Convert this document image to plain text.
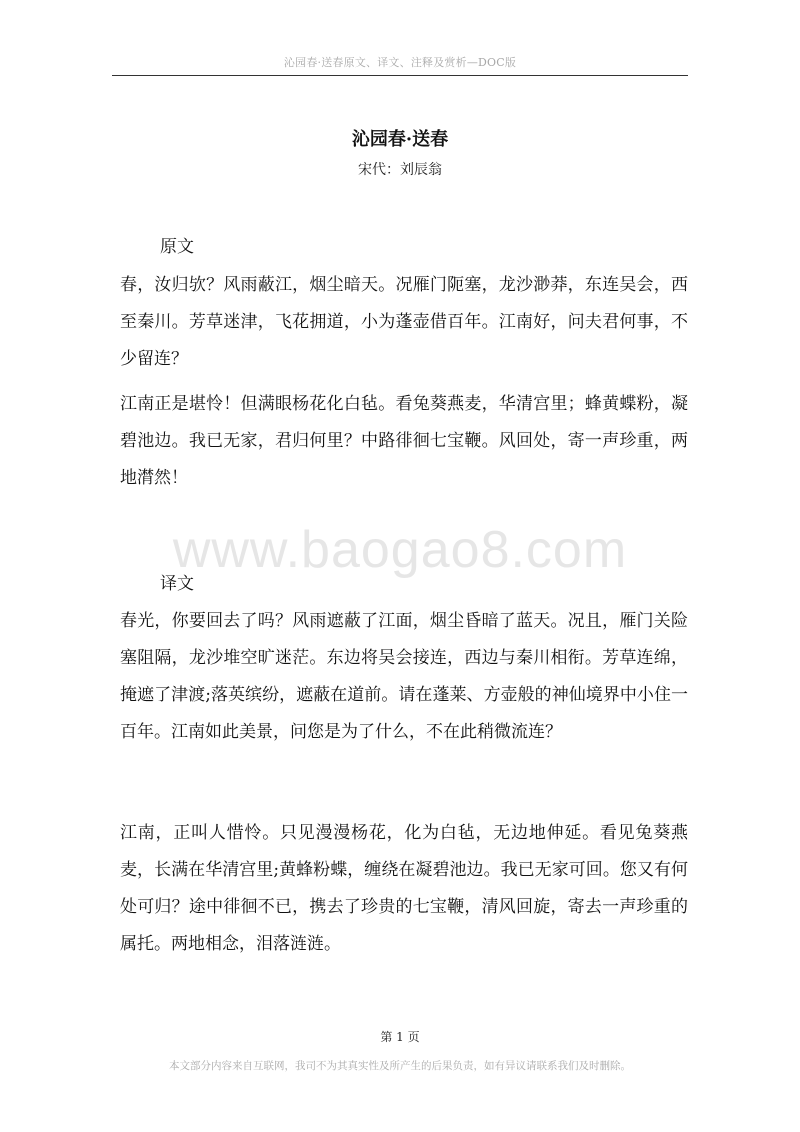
沁园春·送春原文、译文、注释及赏析—DOC版
沁园春·送春
宋代：刘辰翁
原文
春，汝归欤？风雨蔽江，烟尘暗天。况雁门阨塞，龙沙渺莽，东连吴会，西至秦川。芳草迷津，飞花拥道，小为蓬壶借百年。江南好，问夫君何事，不少留连？
江南正是堪怜！但满眼杨花化白毡。看兔葵燕麦，华清宫里；蜂黄蝶粉，凝碧池边。我已无家，君归何里？中路徘徊七宝鞭。风回处，寄一声珍重，两地潸然！
www.baogao8.com
译文
春光，你要回去了吗？风雨遮蔽了江面，烟尘昏暗了蓝天。况且，雁门关险塞阻隔，龙沙堆空旷迷茫。东边将吴会接连，西边与秦川相衔。芳草连绵，掩遮了津渡;落英缤纷，遮蔽在道前。请在蓬莱、方壶般的神仙境界中小住一百年。江南如此美景，问您是为了什么，不在此稍微流连？
江南，正叫人惜怜。只见漫漫杨花，化为白毡，无边地伸延。看见兔葵燕麦，长满在华清宫里;黄蜂粉蝶，缠绕在凝碧池边。我已无家可回。您又有何处可归？途中徘徊不已，携去了珍贵的七宝鞭，清风回旋，寄去一声珍重的属托。两地相念，泪落涟涟。
第 1 页
本文部分内容来自互联网，我司不为其真实性及所产生的后果负责，如有异议请联系我们及时删除。
